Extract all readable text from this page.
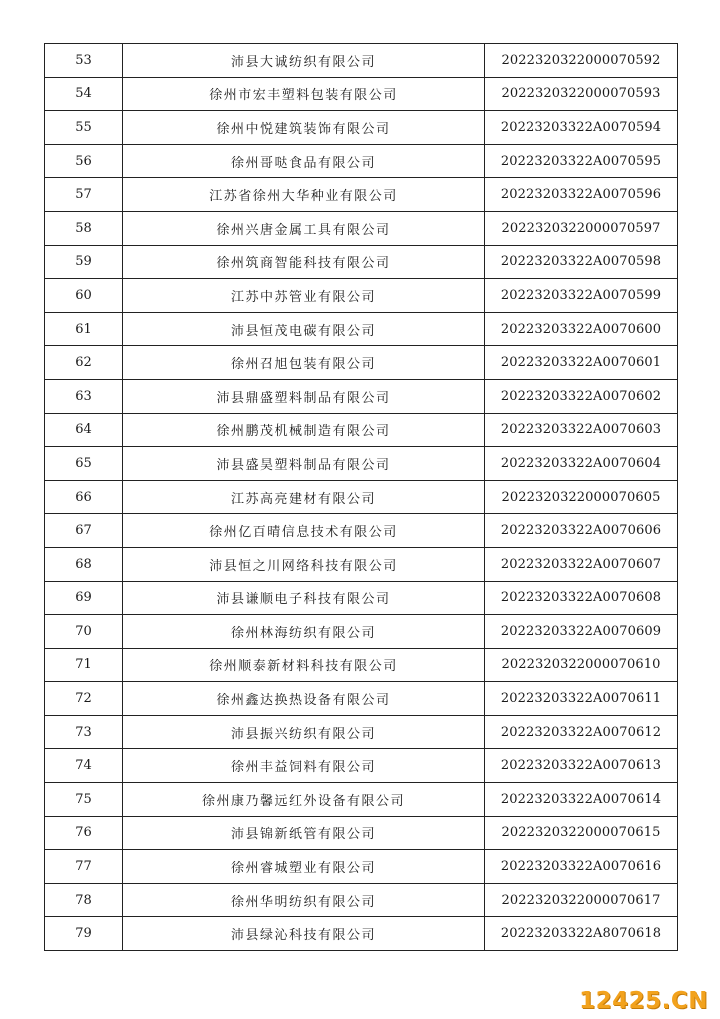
53	沛县大诚纺织有限公司	2022320322000070592
54	徐州市宏丰塑料包装有限公司	2022320322000070593
55	徐州中悦建筑装饰有限公司	20223203322A0070594
56	徐州哥哒食品有限公司	20223203322A0070595
57	江苏省徐州大华种业有限公司	20223203322A0070596
58	徐州兴唐金属工具有限公司	2022320322000070597
59	徐州筑商智能科技有限公司	20223203322A0070598
60	江苏中苏管业有限公司	20223203322A0070599
61	沛县恒茂电碳有限公司	20223203322A0070600
62	徐州召旭包装有限公司	20223203322A0070601
63	沛县鼎盛塑料制品有限公司	20223203322A0070602
64	徐州鹏茂机械制造有限公司	20223203322A0070603
65	沛县盛昊塑料制品有限公司	20223203322A0070604
66	江苏高亮建材有限公司	2022320322000070605
67	徐州亿百晴信息技术有限公司	20223203322A0070606
68	沛县恒之川网络科技有限公司	20223203322A0070607
69	沛县谦顺电子科技有限公司	20223203322A0070608
70	徐州林海纺织有限公司	20223203322A0070609
71	徐州顺泰新材料科技有限公司	2022320322000070610
72	徐州鑫达换热设备有限公司	20223203322A0070611
73	沛县振兴纺织有限公司	20223203322A0070612
74	徐州丰益饲料有限公司	20223203322A0070613
75	徐州康乃馨远红外设备有限公司	20223203322A0070614
76	沛县锦新纸管有限公司	2022320322000070615
77	徐州睿城塑业有限公司	20223203322A0070616
78	徐州华明纺织有限公司	2022320322000070617
79	沛县绿沁科技有限公司	20223203322A8070618
12425.CN
